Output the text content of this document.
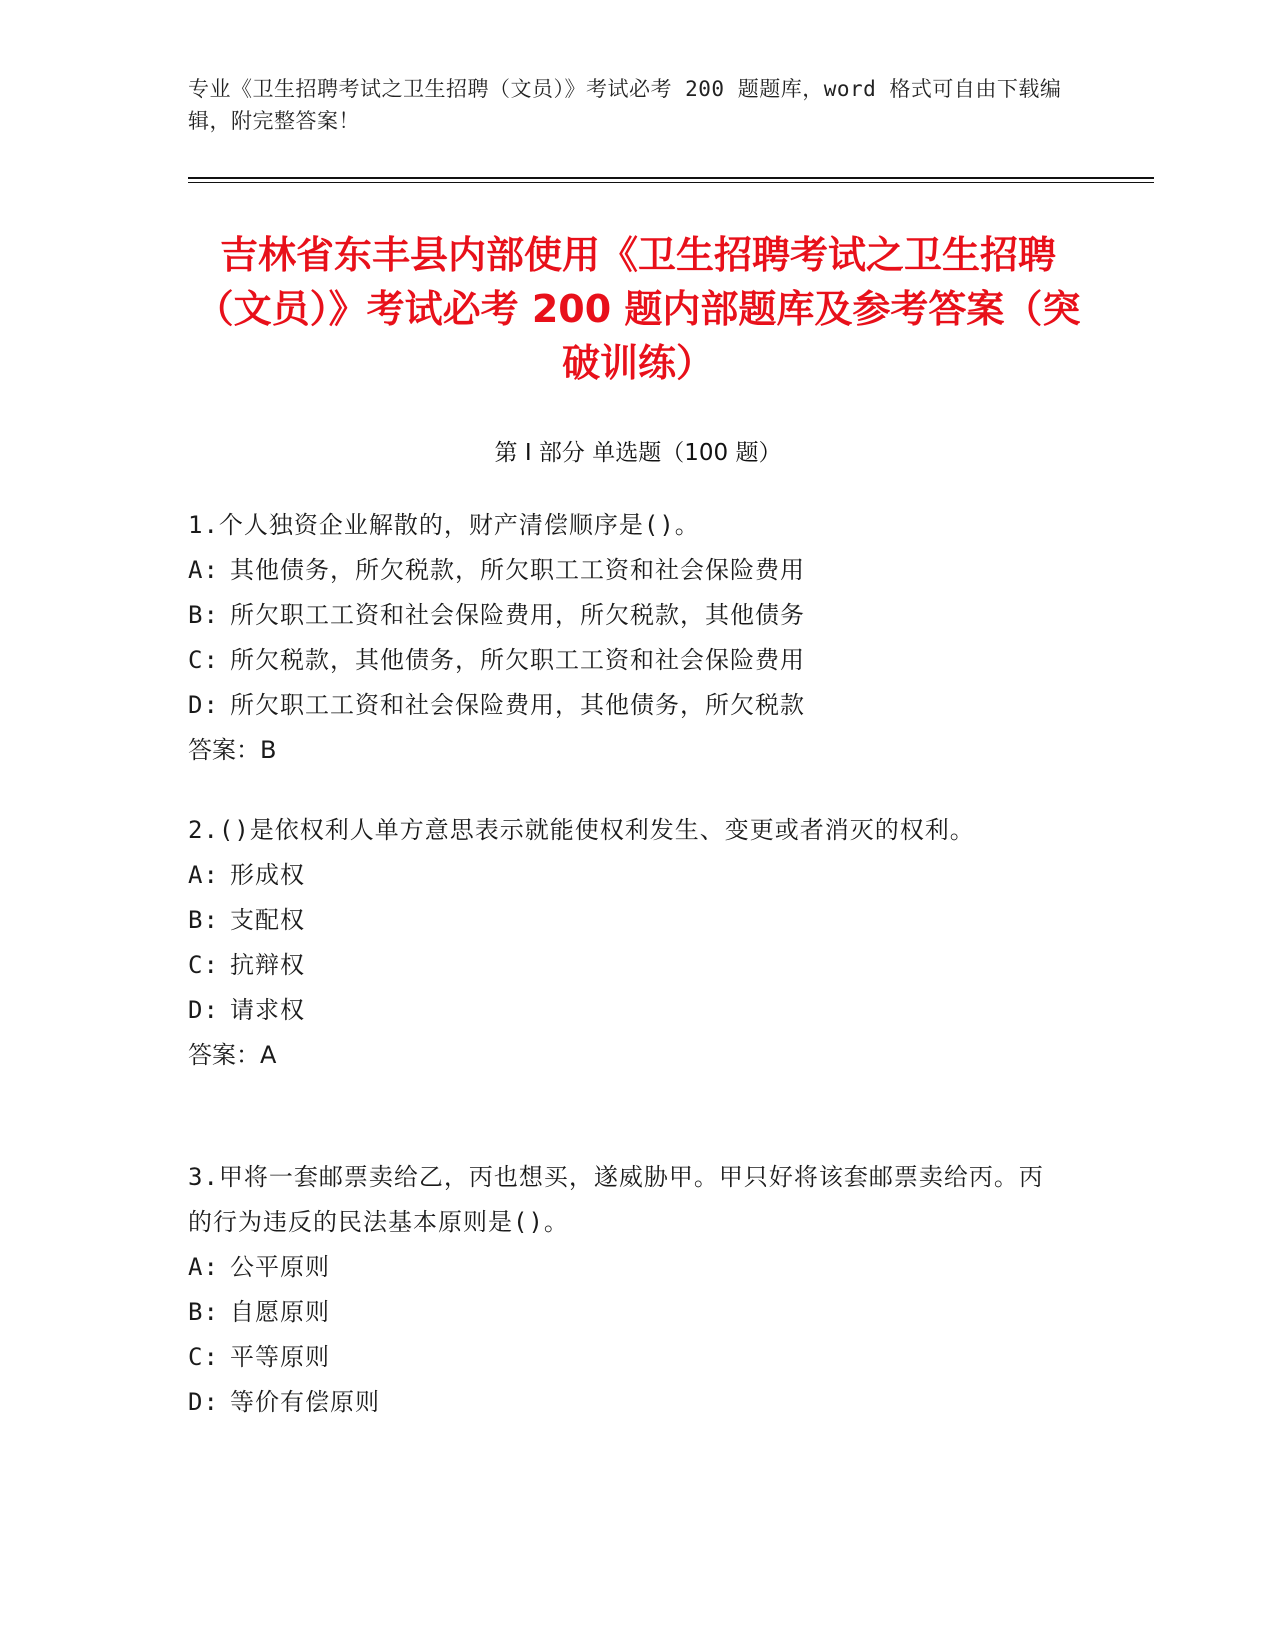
专业《卫生招聘考试之卫生招聘（文员）》考试必考 200 题题库，word 格式可自由下载编辑，附完整答案！
吉林省东丰县内部使用《卫生招聘考试之卫生招聘（文员）》考试必考 200 题内部题库及参考答案（突破训练）
第 I 部分 单选题（100 题）
1.个人独资企业解散的，财产清偿顺序是()。
A: 其他债务，所欠税款，所欠职工工资和社会保险费用
B: 所欠职工工资和社会保险费用，所欠税款，其他债务
C: 所欠税款，其他债务，所欠职工工资和社会保险费用
D: 所欠职工工资和社会保险费用，其他债务，所欠税款
答案：B
2.()是依权利人单方意思表示就能使权利发生、变更或者消灭的权利。
A: 形成权
B: 支配权
C: 抗辩权
D: 请求权
答案：A
3.甲将一套邮票卖给乙，丙也想买，遂威胁甲。甲只好将该套邮票卖给丙。丙的行为违反的民法基本原则是()。
A: 公平原则
B: 自愿原则
C: 平等原则
D: 等价有偿原则
